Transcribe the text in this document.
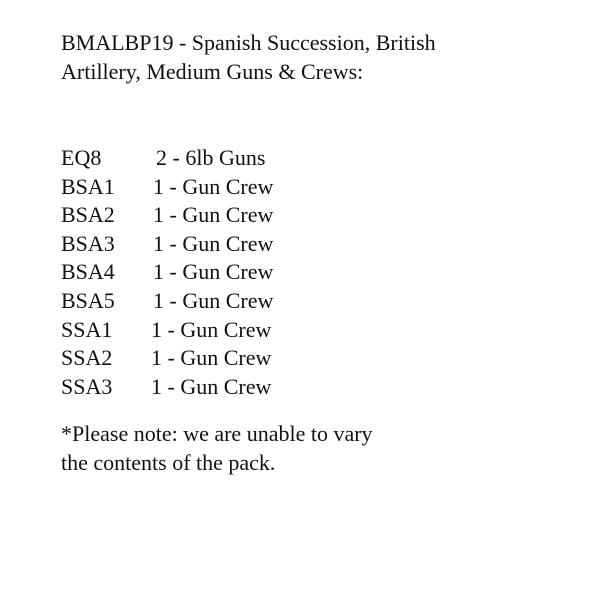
BMALBP19 - Spanish Succession, British
Artillery, Medium Guns & Crews:
EQ8 2 - 6lb Guns
BSA1 1 - Gun Crew
BSA2 1 - Gun Crew
BSA3 1 - Gun Crew
BSA4 1 - Gun Crew
BSA5 1 - Gun Crew
SSA1 1 - Gun Crew
SSA2 1 - Gun Crew
SSA3 1 - Gun Crew
*Please note: we are unable to vary
the contents of the pack.
